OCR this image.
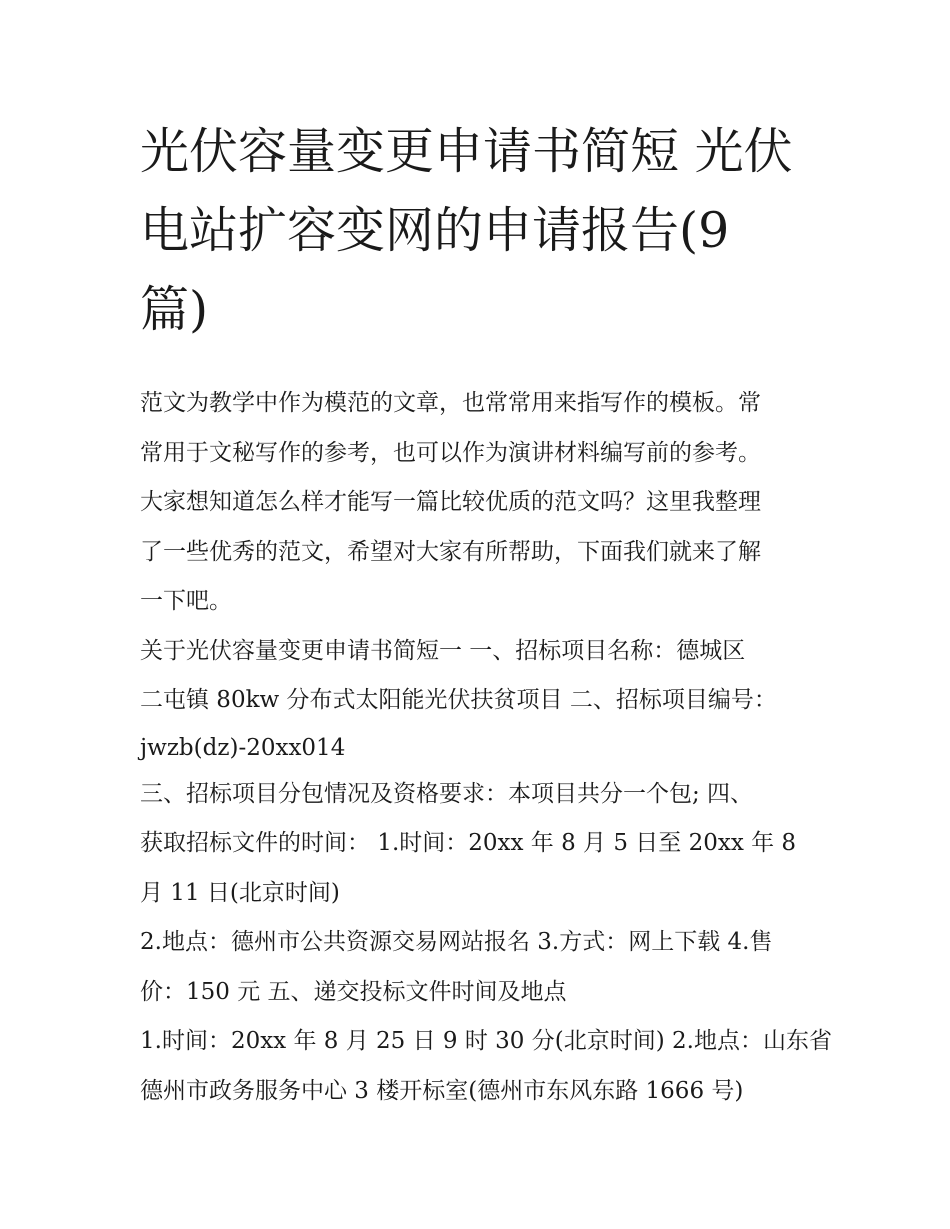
光伏容量变更申请书简短 光伏
电站扩容变网的申请报告(9
篇)
范文为教学中作为模范的文章，也常常用来指写作的模板。常
常用于文秘写作的参考，也可以作为演讲材料编写前的参考。
大家想知道怎么样才能写一篇比较优质的范文吗？这里我整理
了一些优秀的范文，希望对大家有所帮助，下面我们就来了解
一下吧。
关于光伏容量变更申请书简短一 一、招标项目名称：德城区
二屯镇 80kw 分布式太阳能光伏扶贫项目 二、招标项目编号：
jwzb(dz)-20xx014
三、招标项目分包情况及资格要求：本项目共分一个包; 四、
获取招标文件的时间： 1.时间：20xx 年 8 月 5 日至 20xx 年 8
月 11 日(北京时间)
2.地点：德州市公共资源交易网站报名 3.方式：网上下载 4.售
价：150 元 五、递交投标文件时间及地点
1.时间：20xx 年 8 月 25 日 9 时 30 分(北京时间) 2.地点：山东省
德州市政务服务中心 3 楼开标室(德州市东风东路 1666 号)
